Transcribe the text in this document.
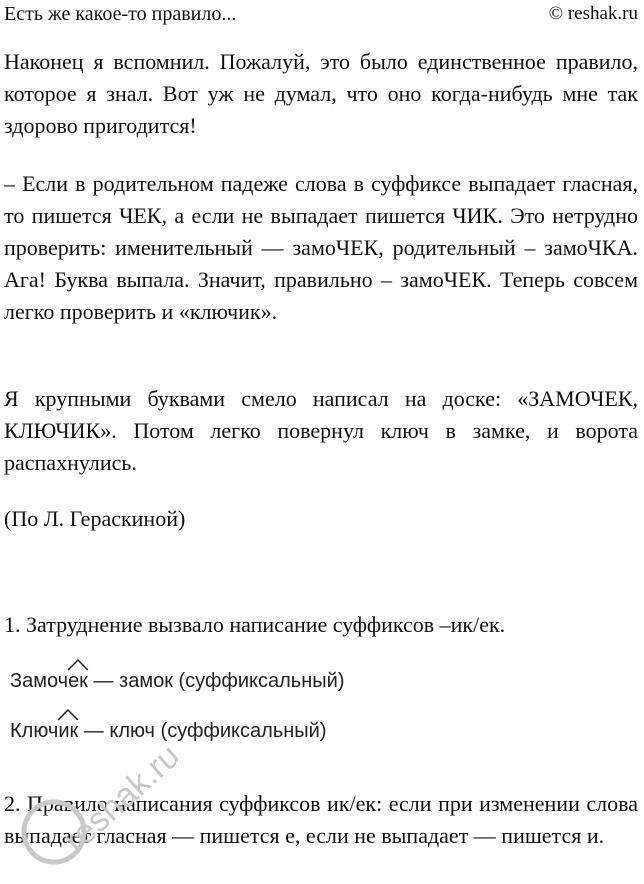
Есть же какое-то правило...	© reshak.ru

Наконец я вспомнил. Пожалуй, это было единственное правило, которое я знал. Вот уж не думал, что оно когда-нибудь мне так здорово пригодится!

– Если в родительном падеже слова в суффиксе выпадает гласная, то пишется ЧЕК, а если не выпадает пишется ЧИК. Это нетрудно проверить: именительный — замоЧЕК, родительный – замоЧКА. Ага! Буква выпала. Значит, правильно – замоЧЕК. Теперь совсем легко проверить и «ключик».

Я крупными буквами смело написал на доске: «ЗАМОЧЕК, КЛЮЧИК». Потом легко повернул ключ в замке, и ворота распахнулись.

(По Л. Гераскиной)

1. Затруднение вызвало написание суффиксов –ик/ек.

Замоч
ек — замок (суффиксальный)
Ключ
ик — ключ (суффиксальный)

2. Правило написания суффиксов ик/ек: если при изменении слова выпадает гласная — пишется е, если не выпадает — пишется и.

reshak.ru
